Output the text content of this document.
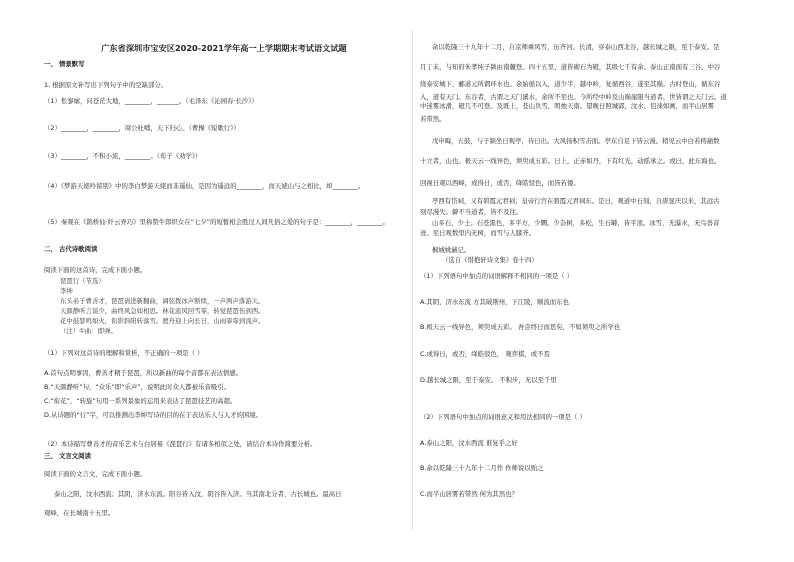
广东省深圳市宝安区2020-2021学年高一上学期期末考试语文试题
一、 情景默写
1. 根据原文补写出下列句子中的空缺部分。
（1）怅寥廓，问苍茫大地，________，_______。（毛泽东《沁园春·长沙》）
（2）________，________，周公吐哺，天下归心。（曹操《短歌行》）
（3）________，不积小流，________。（荀子《劝学》）
（4）《梦游天姥吟留别》中的李白梦游天姥而非遥仙，是因为遥远的________，而天姥山与之相比，却________。
（5）秦观在《鹊桥仙·纤云弄巧》里称赞牛郎织女在“七夕”的短暂相会胜过人间凡俗之爱的句子是：________，________。
二、 古代诗歌阅读
阅读下面的这首诗，完成下面小题。
琵琶行（节选）
李绅
东头弟子曹善才，琵琶请进新翻曲，调弦拨冰声断续，一声两声落游天。
天颜静听言谈少，曲终风急如相思。林花流风回雪霏，转觉琵琶伤到西。
花中鼓瑟鸣如火，衔影斜阳转落雪。渡舟迎上向长日，山雨霏霏到流声。
（注）①曲：即弹。
（1）下列对这首诗的理解和赏析，不正确的一项是（ ）
A.首句点明事因，曹善才精于琵琶，所以新曲的每个音都在表达情感。
B.“天颜静听”句，“众乐”即“乐声”，说明此时众人都被乐音吸引。
C.“衔花”，“转旋”句用一系列景象的运用来表达了琵琶技艺的高超。
D.从诗题的“行”字，可以推测出李绅写诗的目的在于表达乐人与人才的困境。
（2）本诗描写曹善才的音乐艺术与白居易《琵琶行》有诸多相似之处，请结合本诗作简要分析。
三、 文言文阅读
阅读下面的文言文，完成下面小题。
泰山之阳，汶水西流；其阴，济水东流。阳谷皆入汶，阴谷皆入济。当其南北分者，古长城也。最高日
观峰，在长城南十五里。
余以乾隆三十九年十二月，自京师乘风雪，历齐河、长清，穿泰山西北谷，越长城之限，至于泰安。是
月丁未，与知府朱孝纯子颍由南麓登。四十五里，道皆砌石为磴，其级七千有余。泰山正南面有三谷。中谷
绕泰安城下，郦道元所谓环水也。余始循以入，道少半，越中岭，复循西谷，遂至其巅。古时登山，循东谷
入，道有天门。东谷者，古谓之天门溪水，余所不至也。今所经中岭及山巅崖限当道者，世皆谓之天门云。道
中迷雾冰滑，磴几不可登。及既上，苍山负雪，明烛天南。望晚日照城郭，汶水、徂徕如画，而半山居雾
若带然。
戊申晦，五鼓，与子颍坐日观亭，待日出。大风扬积雪击面。亭东自足下皆云漫。稍见云中白若樗蒱数
十立者，山也。极天云一线异色，须臾成五彩。日上，正赤如丹，下有红光，动摇承之。或曰，此东海也。
回视日观以西峰，或得日，或否，绛皓驳色，而皆若偻。
亭西有岱祠，又有碧霞元君祠；皇帝行宫在碧霞元君祠东。是日，观道中石刻，自唐显庆以来，其远古
刻尽漫失。僻不当道者，皆不及往。
山多石，少土；石苍黑色，多平方，少圜。少杂树，多松，生石罅，皆平顶。冰雪，无瀑水，无鸟兽音
迹。至日观数里内无树，而雪与人膝齐。
桐城姚鼐记。
（选自《惜抱轩诗文集》卷十四）
（1）下列语句中加点的词语解释不相同的一项是（ ）
A.其阴，济水东流 方其破荆州，下江陵，顺流而东也
B.极天云一线异色，须臾成五彩。 吾尝终日而思矣，不如须臾之所学也
C.或得日，或否，绛皓驳色， 观弈棋，或不焉
D.越长城之限，至于泰安。 不积步，无以至千里
（2）下列语句中加点的词语意义和用法相同的一项是（ ）
A.泰山之阳，汶水西流 谁复乎之好
B.余以乾隆三十九年十二月作 作师说以贻之
C.而半山居雾若带然 何为其然也？
